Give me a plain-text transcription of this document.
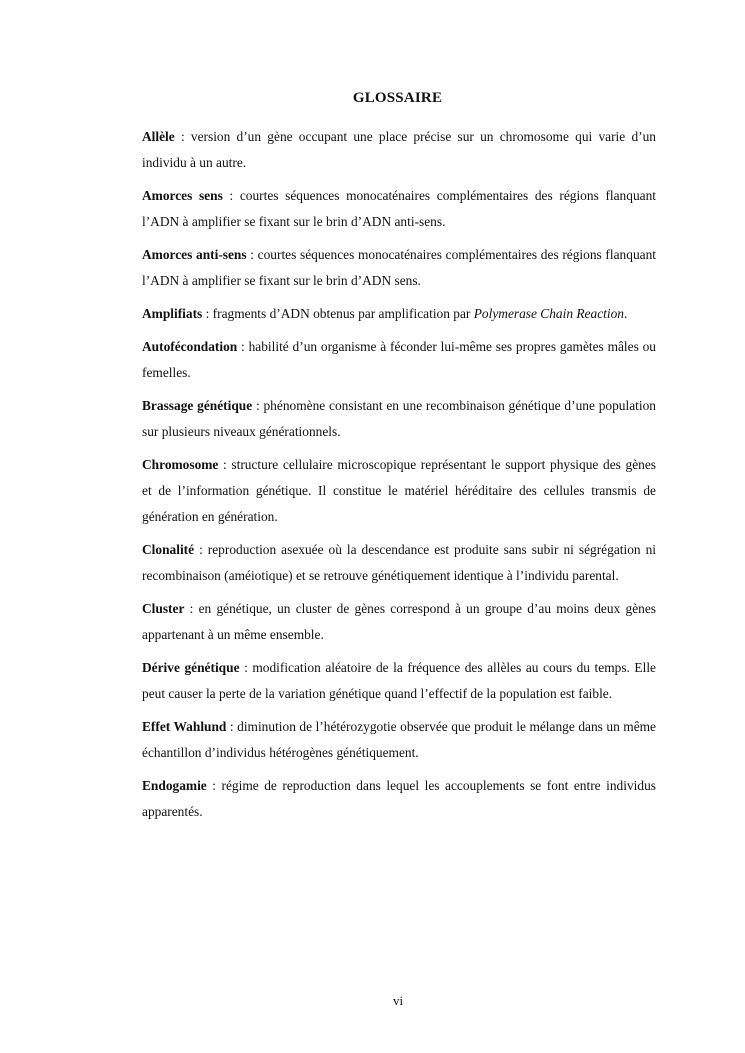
GLOSSAIRE

Allèle : version d’un gène occupant une place précise sur un chromosome qui varie d’un individu à un autre.

Amorces sens : courtes séquences monocaténaires complémentaires des régions flanquant l’ADN à amplifier se fixant sur le brin d’ADN anti-sens.

Amorces anti-sens : courtes séquences monocaténaires complémentaires des régions flanquant l’ADN à amplifier se fixant sur le brin d’ADN sens.

Amplifiats : fragments d’ADN obtenus par amplification par Polymerase Chain Reaction.

Autofécondation : habilité d’un organisme à féconder lui-même ses propres gamètes mâles ou femelles.

Brassage génétique : phénomène consistant en une recombinaison génétique d’une population sur plusieurs niveaux générationnels.

Chromosome : structure cellulaire microscopique représentant le support physique des gènes et de l’information génétique. Il constitue le matériel héréditaire des cellules transmis de génération en génération.

Clonalité : reproduction asexuée où la descendance est produite sans subir ni ségrégation ni recombinaison (améiotique) et se retrouve génétiquement identique à l’individu parental.

Cluster : en génétique, un cluster de gènes correspond à un groupe d’au moins deux gènes appartenant à un même ensemble.

Dérive génétique : modification aléatoire de la fréquence des allèles au cours du temps. Elle peut causer la perte de la variation génétique quand l’effectif de la population est faible.

Effet Wahlund : diminution de l’hétérozygotie observée que produit le mélange dans un même échantillon d’individus hétérogènes génétiquement.

Endogamie : régime de reproduction dans lequel les accouplements se font entre individus apparentés.

vi
